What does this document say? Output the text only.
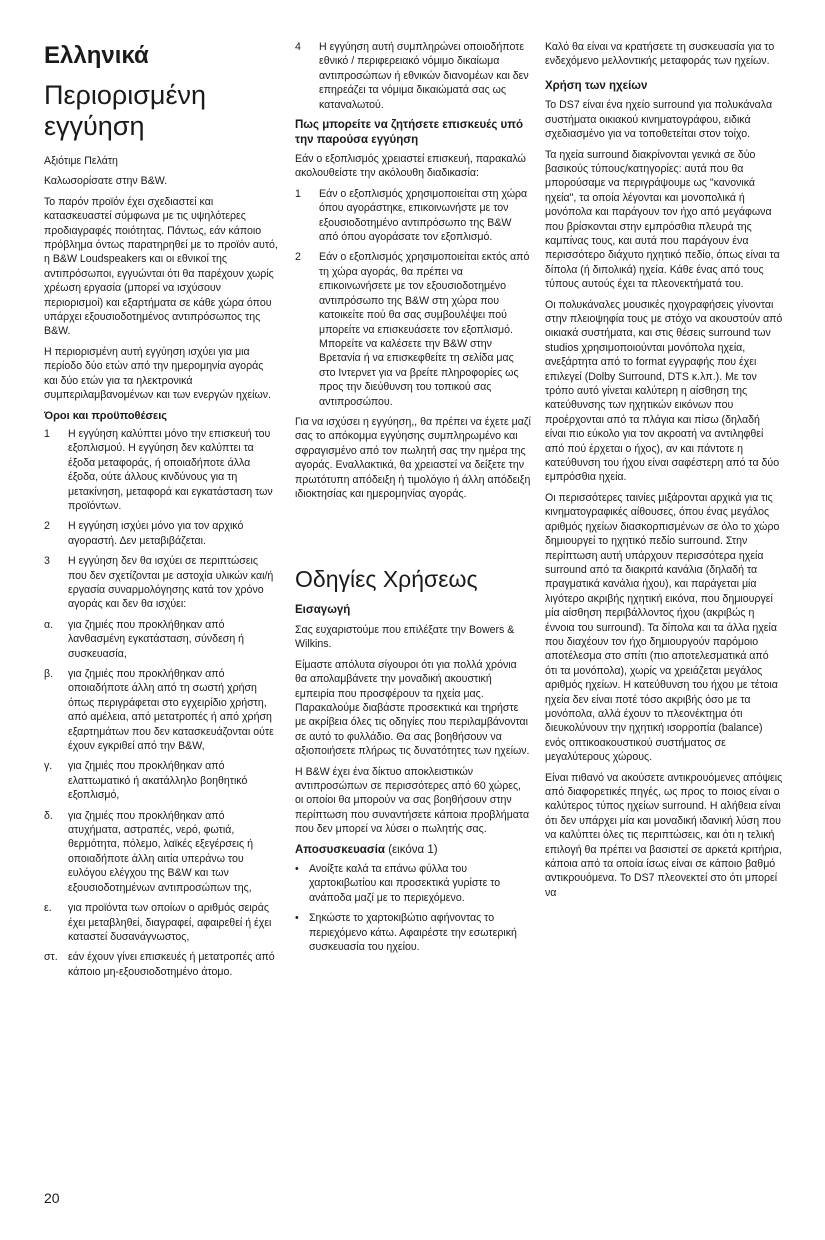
Ελληνικά
Περιορισμένη εγγύηση

Αξιότιμε Πελάτη

Καλωσορίσατε στην B&W.

Το παρόν προϊόν έχει σχεδιαστεί και κατασκευαστεί σύμφωνα με τις υψηλότερες προδιαγραφές ποιότητας. Πάντως, εάν κάποιο πρόβλημα όντως παρατηρηθεί με το προϊόν αυτό, η B&W Loudspeakers και οι εθνικοί της αντιπρόσωποι, εγγυώνται ότι θα παρέχουν χωρίς χρέωση εργασία (μπορεί να ισχύσουν περιορισμοί) και εξαρτήματα σε κάθε χώρα όπου υπάρχει εξουσιοδοτημένος αντιπρόσωπος της B&W.

Η περιορισμένη αυτή εγγύηση ισχύει για μια περίοδο δύο ετών από την ημερομηνία αγοράς και δύο ετών για τα ηλεκτρονικά συμπεριλαμβανομένων και των ενεργών ηχείων.

Όροι και προϋποθέσεις
1	Η εγγύηση καλύπτει μόνο την επισκευή του εξοπλισμού. Η εγγύηση δεν καλύπτει τα έξοδα μεταφοράς, ή οποιαδήποτε άλλα έξοδα, ούτε άλλους κινδύνους για τη μετακίνηση, μεταφορά και εγκατάσταση των προϊόντων.
2	Η εγγύηση ισχύει μόνο για τον αρχικό αγοραστή. Δεν μεταβιβάζεται.
3	Η εγγύηση δεν θα ισχύει σε περιπτώσεις που δεν σχετίζονται με αστοχία υλικών και/ή εργασία συναρμολόγησης κατά τον χρόνο αγοράς και δεν θα ισχύει:
α.	για ζημιές που προκλήθηκαν από λανθασμένη εγκατάσταση, σύνδεση ή συσκευασία,
β.	για ζημιές που προκλήθηκαν από οποιαδήποτε άλλη από τη σωστή χρήση όπως περιγράφεται στο εγχειρίδιο χρήστη, από αμέλεια, από μετατροπές ή από χρήση εξαρτημάτων που δεν κατασκευάζονται ούτε έχουν εγκριθεί από την B&W,
γ.	για ζημιές που προκλήθηκαν από ελαττωματικό ή ακατάλληλο βοηθητικό εξοπλισμό,
δ.	για ζημιές που προκλήθηκαν από ατυχήματα, αστραπές, νερό, φωτιά, θερμότητα, πόλεμο, λαϊκές εξεγέρσεις ή οποιαδήποτε άλλη αιτία υπεράνω του ευλόγου ελέγχου της B&W και των εξουσιοδοτημένων αντιπροσώπων της,
ε.	για προϊόντα των οποίων ο αριθμός σειράς έχει μεταβληθεί, διαγραφεί, αφαιρεθεί ή έχει καταστεί δυσανάγνωστος,
στ. εάν έχουν γίνει επισκευές ή μετατροπές από κάποιο μη-εξουσιοδοτημένο άτομο.
4	Η εγγύηση αυτή συμπληρώνει οποιοδήποτε εθνικό / περιφερειακό νόμιμο δικαίωμα αντιπροσώπων ή εθνικών διανομέων και δεν επηρεάζει τα νόμιμα δικαιώματά σας ως καταναλωτού.
Πως μπορείτε να ζητήσετε επισκευές υπό την παρούσα εγγύηση

Εάν ο εξοπλισμός χρειαστεί επισκευή, παρακαλώ ακολουθείστε την ακόλουθη διαδικασία:

1	Εάν ο εξοπλισμός χρησιμοποιείται στη χώρα όπου αγοράστηκε, επικοινωνήστε με τον εξουσιοδοτημένο αντιπρόσωπο της B&W από όπου αγοράσατε τον εξοπλισμό.
2	Εάν ο εξοπλισμός χρησιμοποιείται εκτός από τη χώρα αγοράς, θα πρέπει να επικοινωνήσετε με τον εξουσιοδοτημένο αντιπρόσωπο της B&W στη χώρα που κατοικείτε πού θα σας συμβουλέψει πού μπορείτε να επισκευάσετε τον εξοπλισμό. Μπορείτε να καλέσετε την B&W στην Βρετανία ή να επισκεφθείτε τη σελίδα μας στο Ιντερνετ για να βρείτε πληροφορίες ως προς την διεύθυνση του τοπικού σας αντιπροσώπου.

Για να ισχύσει η εγγύηση,, θα πρέπει να έχετε μαζί σας το απόκομμα εγγύησης συμπληρωμένο και σφραγισμένο από τον πωλητή σας την ημέρα της αγοράς. Εναλλακτικά, θα χρειαστεί να δείξετε την πρωτότυπη απόδειξη ή τιμολόγιο ή άλλη απόδειξη ιδιοκτησίας και ημερομηνίας αγοράς.

Οδηγίες Χρήσεως
Εισαγωγή

Σας ευχαριστούμε που επιλέξατε την Bowers & Wilkins.

Είμαστε απόλυτα σίγουροι ότι για πολλά χρόνια θα απολαμβάνετε την μοναδική ακουστική εμπειρία που προσφέρουν τα ηχεία μας. Παρακαλούμε διαβάστε προσεκτικά και τηρήστε με ακρίβεια όλες τις οδηγίες που περιλαμβάνονται σε αυτό το φυλλάδιο. Θα σας βοηθήσουν να αξιοποιήσετε πλήρως τις δυνατότητες των ηχείων.

Η B&W έχει ένα δίκτυο αποκλειστικών αντιπροσώπων σε περισσότερες από 60 χώρες, οι οποίοι θα μπορούν να σας βοηθήσουν στην περίπτωση που συναντήσετε κάποια προβλήματα που δεν μπορεί να λύσει ο πωλητής σας.

Αποσυσκευασία (εικόνα 1)
• Ανοίξτε καλά τα επάνω φύλλα του χαρτοκιβωτίου και προσεκτικά γυρίστε το ανάποδα μαζί με το περιεχόμενο.
• Σηκώστε το χαρτοκιβώτιο αφήνοντας το περιεχόμενο κάτω. Αφαιρέστε την εσωτερική συσκευασία του ηχείου.

Καλό θα είναι να κρατήσετε τη συσκευασία για το ενδεχόμενο μελλοντικής μεταφοράς των ηχείων.

Χρήση των ηχείων

Το DS7 είναι ένα ηχείο surround για πολυκάναλα συστήματα οικιακού κινηματογράφου, ειδικά σχεδιασμένο για να τοποθετείται στον τοίχο.

Τα ηχεία surround διακρίνονται γενικά σε δύο βασικούς τύπους/κατηγορίες: αυτά που θα μπορούσαμε να περιγράψουμε ως "κανονικά ηχεία", τα οποία λέγονται και μονοπολικά ή μονόπολα και παράγουν τον ήχο από μεγάφωνα που βρίσκονται στην εμπρόσθια πλευρά της καμπίνας τους, και αυτά που παράγουν ένα περισσότερο διάχυτο ηχητικό πεδίο, όπως είναι τα δίπολα (ή διπολικά) ηχεία. Κάθε ένας από τους τύπους αυτούς έχει τα πλεονεκτήματά του.

Οι πολυκάναλες μουσικές ηχογραφήσεις γίνονται στην πλειοψηφία τους με στόχο να ακουστούν από οικιακά συστήματα, και στις θέσεις surround των studios χρησιμοποιούνται μονόπολα ηχεία, ανεξάρτητα από το format εγγραφής που έχει επιλεγεί (Dolby Surround, DTS κ.λπ.). Με τον τρόπο αυτό γίνεται καλύτερη η αίσθηση της κατεύθυνσης των ηχητικών εικόνων που προέρχονται από τα πλάγια και πίσω (δηλαδή είναι πιο εύκολο για τον ακροατή να αντιληφθεί από πού έρχεται ο ήχος), αν και πάντοτε η κατεύθυνση του ήχου είναι σαφέστερη από τα δύο εμπρόσθια ηχεία.

Οι περισσότερες ταινίες μιξάρονται αρχικά για τις κινηματογραφικές αίθουσες, όπου ένας μεγάλος αριθμός ηχείων διασκορπισμένων σε όλο το χώρο δημιουργεί το ηχητικό πεδίο surround. Στην περίπτωση αυτή υπάρχουν περισσότερα ηχεία surround από τα διακριτά κανάλια (δηλαδή τα πραγματικά κανάλια ήχου), και παράγεται μία λιγότερο ακριβής ηχητική εικόνα, που δημιουργεί μία αίσθηση περιβάλλοντος ήχου (ακριβώς η έννοια του surround). Τα δίπολα και τα άλλα ηχεία που διαχέουν τον ήχο δημιουργούν παρόμοιο αποτέλεσμα στο σπίτι (πιο αποτελεσματικά από ότι τα μονόπολα), χωρίς να χρειάζεται μεγάλος αριθμός ηχείων. Η κατεύθυνση του ήχου με τέτοια ηχεία δεν είναι ποτέ τόσο ακριβής όσο με τα μονόπολα, αλλά έχουν το πλεονέκτημα ότι διευκολύνουν την ηχητική ισορροπία (balance) ενός οπτικοακουστικού συστήματος σε μεγαλύτερους χώρους.

Είναι πιθανό να ακούσετε αντικρουόμενες απόψεις από διαφορετικές πηγές, ως προς το ποιος είναι ο καλύτερος τύπος ηχείων surround. Η αλήθεια είναι ότι δεν υπάρχει μία και μοναδική ιδανική λύση που να καλύπτει όλες τις περιπτώσεις, και ότι η τελική επιλογή θα πρέπει να βασιστεί σε αρκετά κριτήρια, κάποια από τα οποία ίσως είναι σε κάποιο βαθμό αντικρουόμενα. Το DS7 πλεονεκτεί στο ότι μπορεί να

20
